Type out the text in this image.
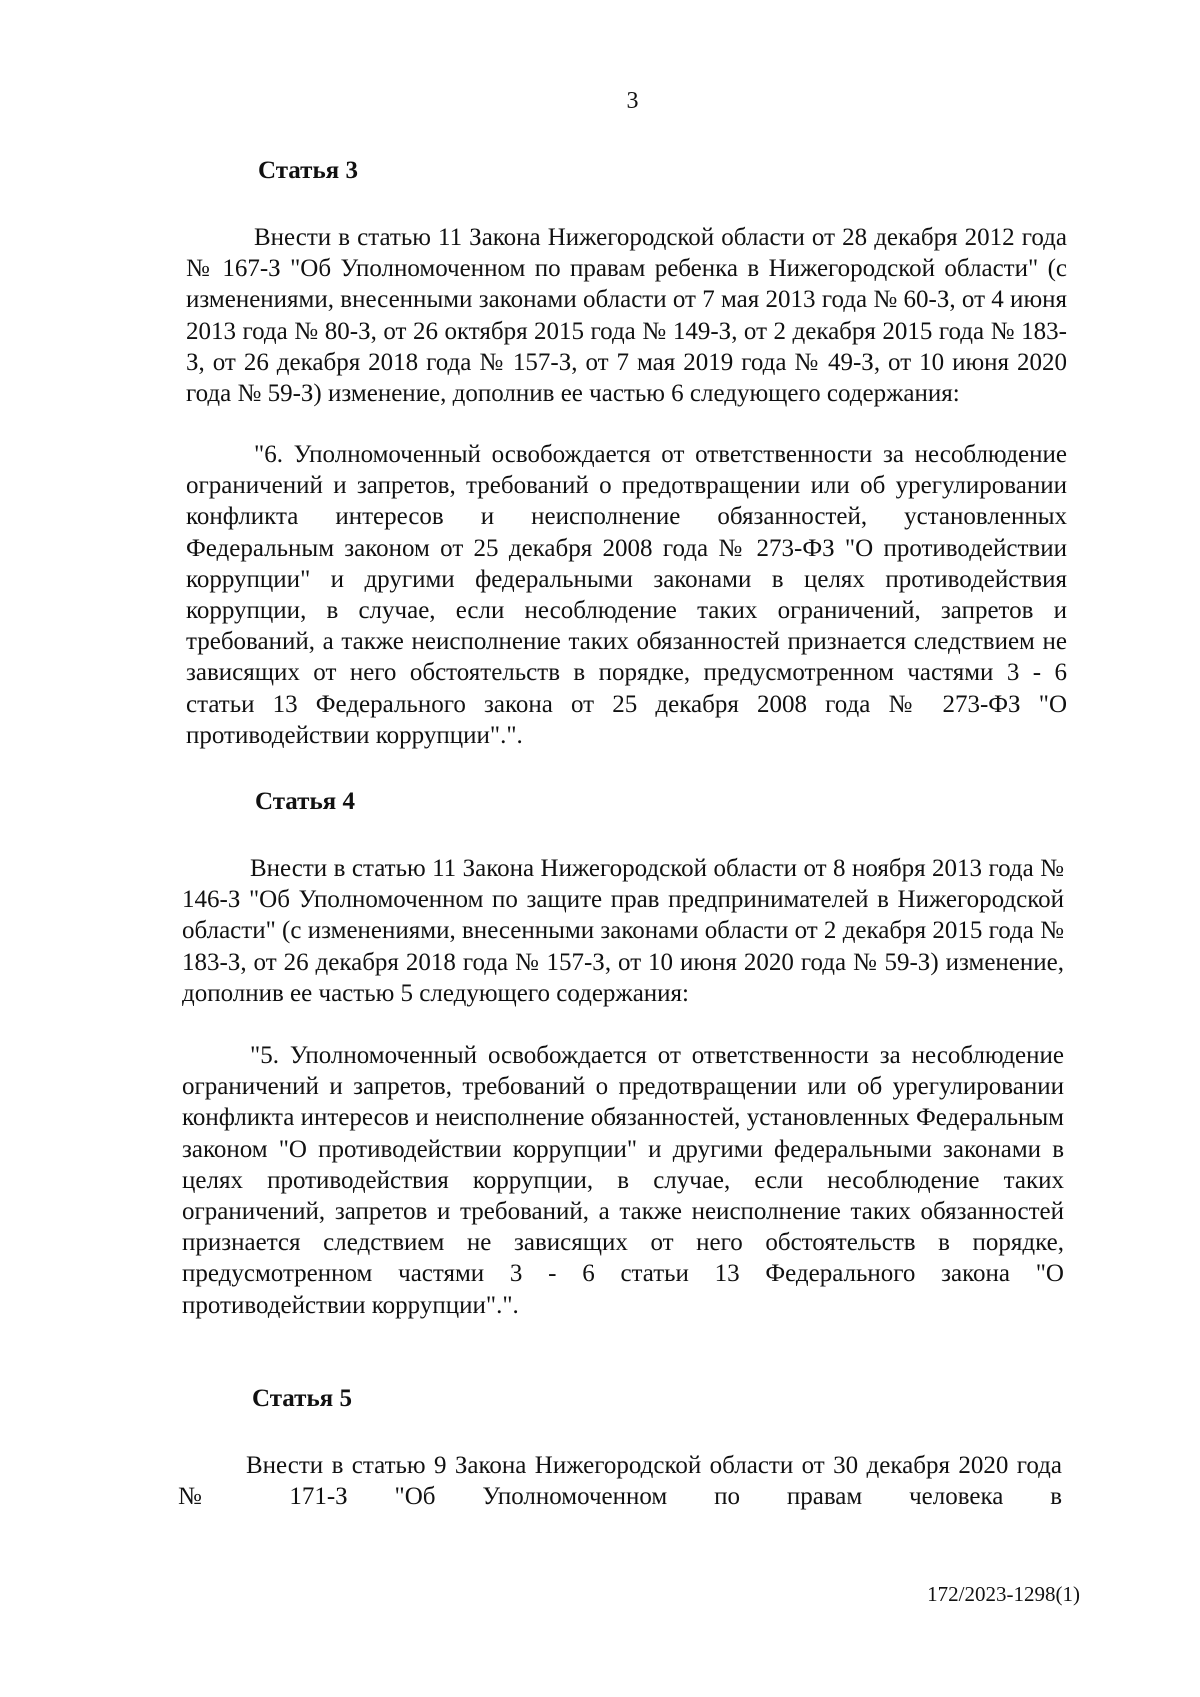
3
Статья 3
Внести в статью 11 Закона Нижегородской области от 28 декабря 2012 года № 167-З "Об Уполномоченном по правам ребенка в Нижегородской области" (с изменениями, внесенными законами области от 7 мая 2013 года № 60-З, от 4 июня 2013 года № 80-З, от 26 октября 2015 года № 149-З, от 2 декабря 2015 года № 183-З, от 26 декабря 2018 года № 157-З, от 7 мая 2019 года № 49-З, от 10 июня 2020 года № 59-З) изменение, дополнив ее частью 6 следующего содержания:
"6. Уполномоченный освобождается от ответственности за несоблюдение ограничений и запретов, требований о предотвращении или об урегулировании конфликта интересов и неисполнение обязанностей, установленных Федеральным законом от 25 декабря 2008 года № 273-ФЗ "О противодействии коррупции" и другими федеральными законами в целях противодействия коррупции, в случае, если несоблюдение таких ограничений, запретов и требований, а также неисполнение таких обязанностей признается следствием не зависящих от него обстоятельств в порядке, предусмотренном частями 3 - 6 статьи 13 Федерального закона от 25 декабря 2008 года № 273-ФЗ "О противодействии коррупции".".
Статья 4
Внести в статью 11 Закона Нижегородской области от 8 ноября 2013 года № 146-З "Об Уполномоченном по защите прав предпринимателей в Нижегородской области" (с изменениями, внесенными законами области от 2 декабря 2015 года № 183-З, от 26 декабря 2018 года № 157-З, от 10 июня 2020 года № 59-З) изменение, дополнив ее частью 5 следующего содержания:
"5. Уполномоченный освобождается от ответственности за несоблюдение ограничений и запретов, требований о предотвращении или об урегулировании конфликта интересов и неисполнение обязанностей, установленных Федеральным законом "О противодействии коррупции" и другими федеральными законами в целях противодействия коррупции, в случае, если несоблюдение таких ограничений, запретов и требований, а также неисполнение таких обязанностей признается следствием не зависящих от него обстоятельств в порядке, предусмотренном частями 3 - 6 статьи 13 Федерального закона "О противодействии коррупции".".
Статья 5
Внести в статью 9 Закона Нижегородской области от 30 декабря 2020 года № 171-З "Об Уполномоченном по правам человека в
172/2023-1298(1)
